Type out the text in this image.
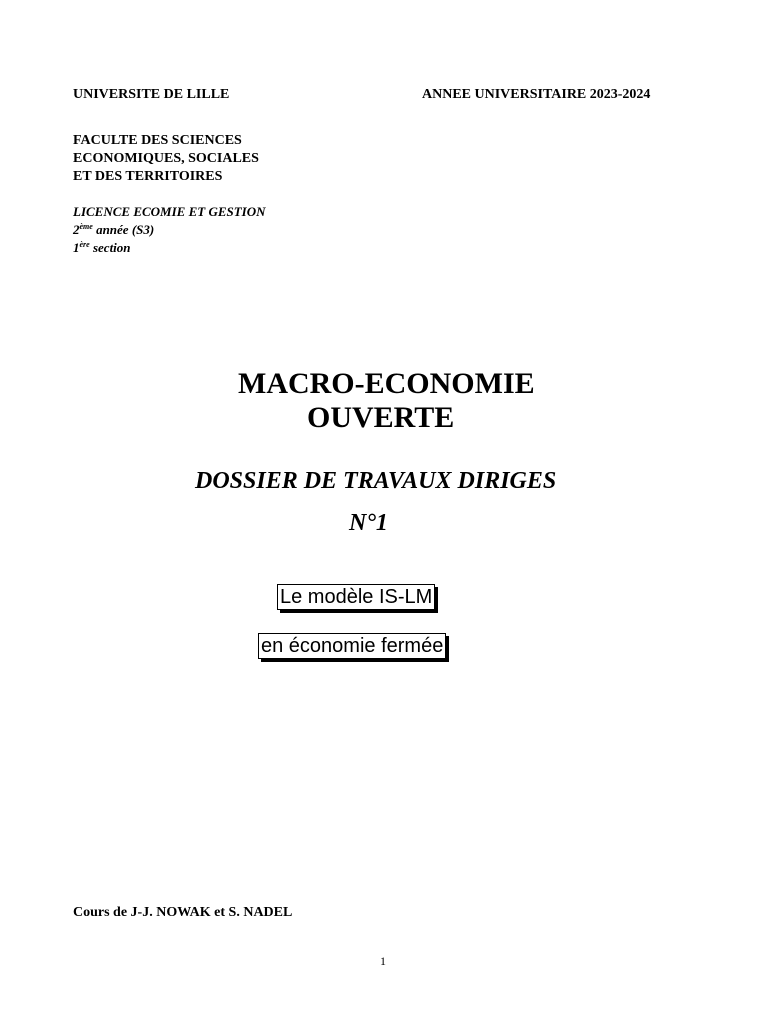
UNIVERSITE DE LILLE	ANNEE UNIVERSITAIRE 2023-2024
FACULTE DES SCIENCES
ECONOMIQUES, SOCIALES
ET DES TERRITOIRES
LICENCE ECOMIE ET GESTION
2ème année (S3)
1ère section
MACRO-ECONOMIE
OUVERTE
DOSSIER DE TRAVAUX DIRIGES
N°1
Le modèle IS-LM
en économie fermée
Cours de J-J. NOWAK et S. NADEL
1
